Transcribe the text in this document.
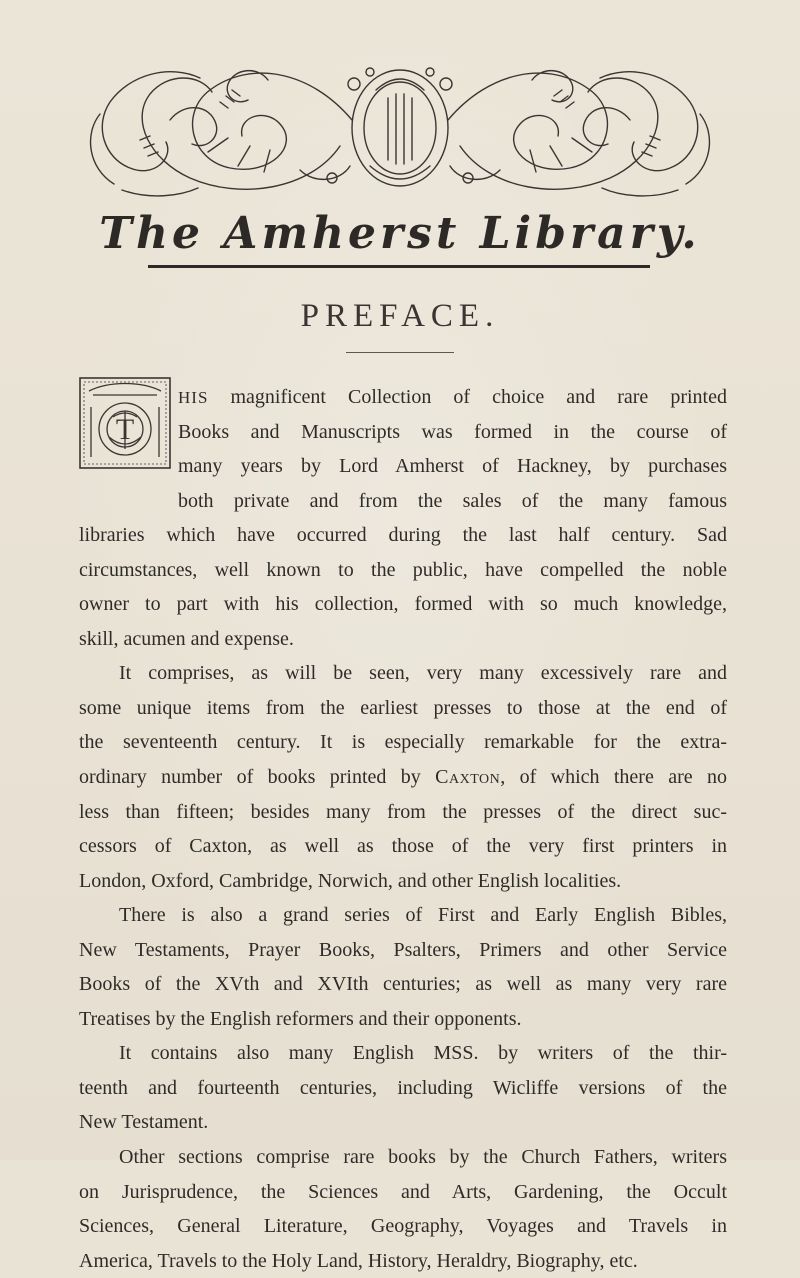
The Amherst Library.
PREFACE.
T
HIS magnificent Collection of choice and rare printed
Books and Manuscripts was formed in the course of
many years by Lord Amherst of Hackney, by purchases
both private and from the sales of the many famous
libraries which have occurred during the last half century. Sad
circumstances, well known to the public, have compelled the noble
owner to part with his collection, formed with so much knowledge,
skill, acumen and expense.
It comprises, as will be seen, very many excessively rare and
some unique items from the earliest presses to those at the end of
the seventeenth century. It is especially remarkable for the extra-
ordinary number of books printed by Caxton, of which there are no
less than fifteen; besides many from the presses of the direct suc-
cessors of Caxton, as well as those of the very first printers in
London, Oxford, Cambridge, Norwich, and other English localities.
There is also a grand series of First and Early English Bibles,
New Testaments, Prayer Books, Psalters, Primers and other Service
Books of the XVth and XVIth centuries; as well as many very rare
Treatises by the English reformers and their opponents.
It contains also many English MSS. by writers of the thir-
teenth and fourteenth centuries, including Wicliffe versions of the
New Testament.
Other sections comprise rare books by the Church Fathers, writers
on Jurisprudence, the Sciences and Arts, Gardening, the Occult
Sciences, General Literature, Geography, Voyages and Travels in
America, Travels to the Holy Land, History, Heraldry, Biography, etc.
